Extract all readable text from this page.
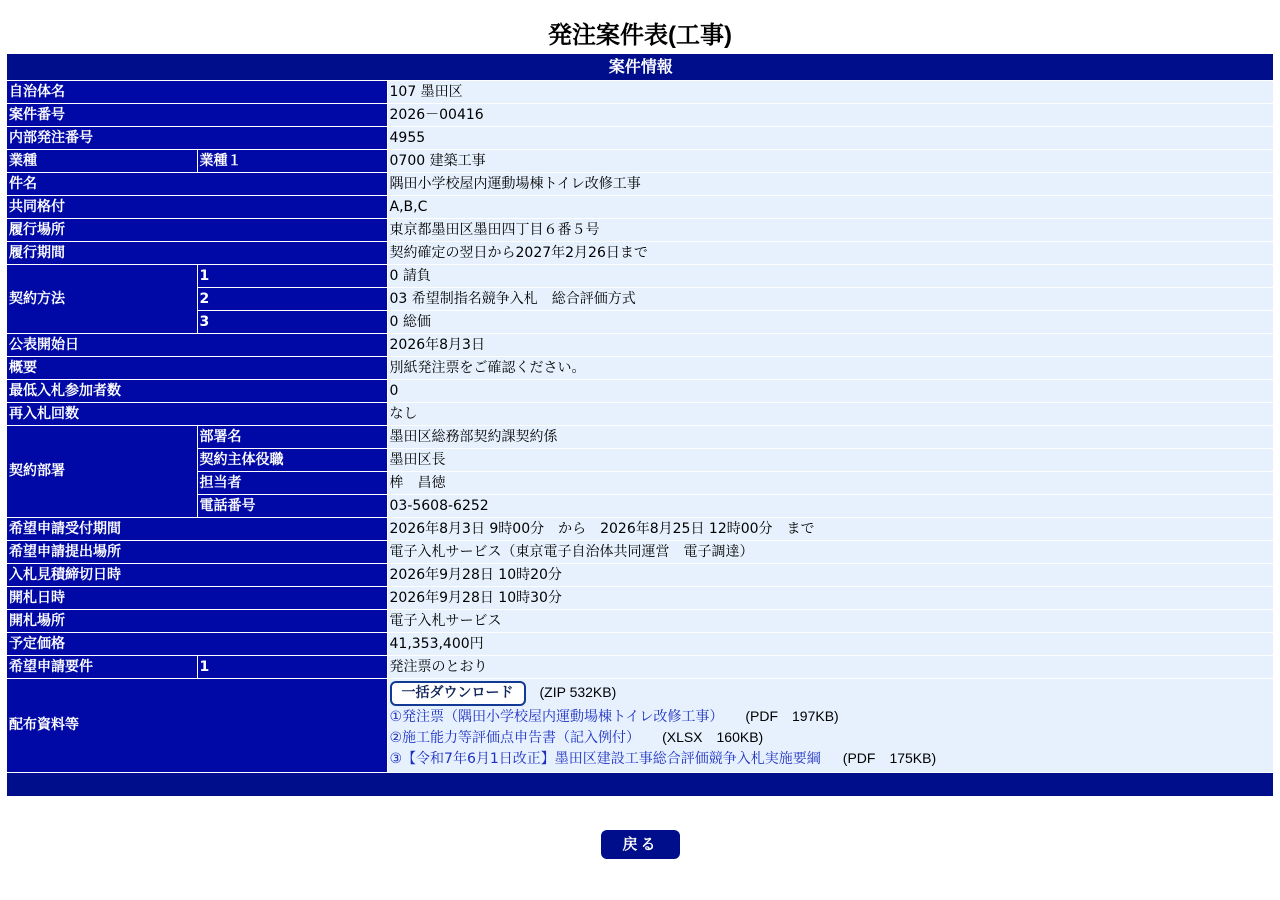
発注案件表(工事)
案件情報		
自治体名		107 墨田区
案件番号		2026－00416
内部発注番号		4955
業種	業種１	0700 建築工事
件名		隅田小学校屋内運動場棟トイレ改修工事
共同格付		A,B,C
履行場所		東京都墨田区墨田四丁目６番５号
履行期間		契約確定の翌日から2027年2月26日まで
契約方法	1	0 請負
	2	03 希望制指名競争入札　総合評価方式
	3	0 総価
公表開始日		2026年8月3日
概要		別紙発注票をご確認ください。
最低入札参加者数		0
再入札回数		なし
契約部署	部署名	墨田区総務部契約課契約係
	契約主体役職	墨田区長
	担当者	桙　昌徳
	電話番号	03-5608-6252
希望申請受付期間		2026年8月3日 9時00分　から　2026年8月25日 12時00分　まで
希望申請提出場所		電子入札サービス（東京電子自治体共同運営　電子調達）
入札見積締切日時		2026年9月28日 10時20分
開札日時		2026年9月28日 10時30分
開札場所		電子入札サービス
予定価格		41,353,400円
希望申請要件	1	発注票のとおり
配布資料等		一括ダウンロード (ZIP 532KB)
①発注票（隅田小学校屋内運動場棟トイレ改修工事） (PDF　197KB)
②施工能力等評価点申告書（記入例付） (XLSX　160KB)
③【令和7年6月1日改正】墨田区建設工事総合評価競争入札実施要綱 (PDF　175KB)

戻る
